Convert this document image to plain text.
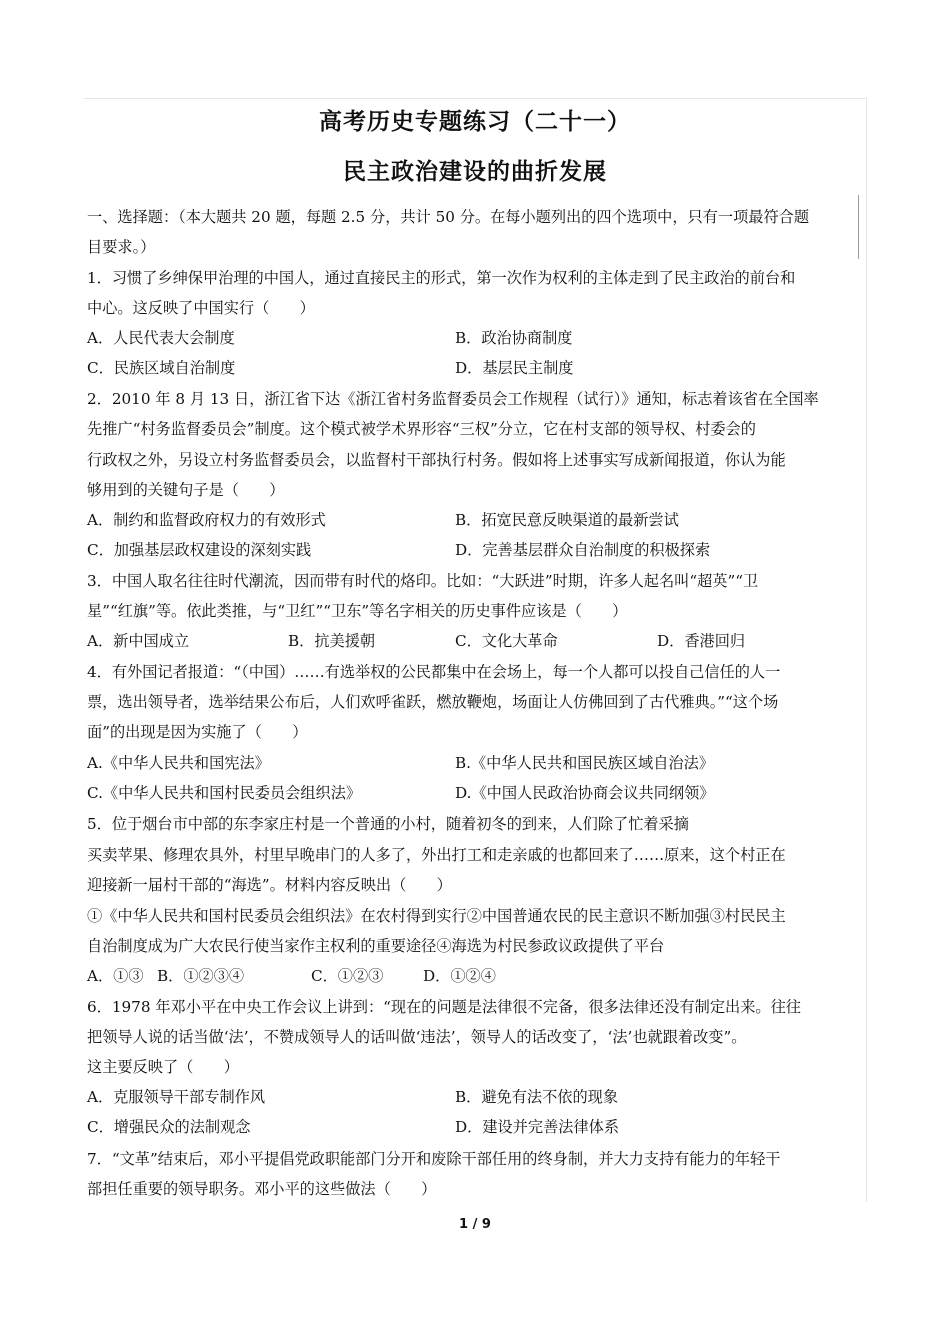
高考历史专题练习（二十一）
民主政治建设的曲折发展
一、选择题：（本大题共 20 题，每题 2.5 分，共计 50 分。在每小题列出的四个选项中，只有一项最符合题
目要求。）
1．习惯了乡绅保甲治理的中国人，通过直接民主的形式，第一次作为权利的主体走到了民主政治的前台和
中心。这反映了中国实行（　　）
A．人民代表大会制度	B．政治协商制度
C．民族区域自治制度	D．基层民主制度
2．2010 年 8 月 13 日，浙江省下达《浙江省村务监督委员会工作规程（试行）》通知，标志着该省在全国率
先推广“村务监督委员会”制度。这个模式被学术界形容“三权”分立，它在村支部的领导权、村委会的
行政权之外，另设立村务监督委员会，以监督村干部执行村务。假如将上述事实写成新闻报道，你认为能
够用到的关键句子是（　　）
A．制约和监督政府权力的有效形式	B．拓宽民意反映渠道的最新尝试
C．加强基层政权建设的深刻实践	D．完善基层群众自治制度的积极探索
3．中国人取名往往时代潮流，因而带有时代的烙印。比如：“大跃进”时期，许多人起名叫“超英”“卫
星”“红旗”等。依此类推，与“卫红”“卫东”等名字相关的历史事件应该是（　　）
A．新中国成立	B．抗美援朝	C．文化大革命	D．香港回归
4．有外国记者报道：“（中国）……有选举权的公民都集中在会场上，每一个人都可以投自己信任的人一
票，选出领导者，选举结果公布后，人们欢呼雀跃，燃放鞭炮，场面让人仿佛回到了古代雅典。”“这个场
面”的出现是因为实施了（　　）
A.《中华人民共和国宪法》	B.《中华人民共和国民族区域自治法》
C.《中华人民共和国村民委员会组织法》	D.《中国人民政治协商会议共同纲领》
5．位于烟台市中部的东李家庄村是一个普通的小村，随着初冬的到来，人们除了忙着采摘
买卖苹果、修理农具外，村里早晚串门的人多了，外出打工和走亲戚的也都回来了……原来，这个村正在
迎接新一届村干部的“海选”。材料内容反映出（　　）
①《中华人民共和国村民委员会组织法》在农村得到实行②中国普通农民的民主意识不断加强③村民民主
自治制度成为广大农民行使当家作主权利的重要途径④海选为村民参政议政提供了平台
A．①③ B．①②③④	C．①②③	D．①②④
6．1978 年邓小平在中央工作会议上讲到：“现在的问题是法律很不完备，很多法律还没有制定出来。往往
把领导人说的话当做‘法’，不赞成领导人的话叫做‘违法’，领导人的话改变了，‘法’也就跟着改变”。
这主要反映了（　　）
A．克服领导干部专制作风	B．避免有法不依的现象
C．增强民众的法制观念	D．建设并完善法律体系
7．“文革”结束后，邓小平提倡党政职能部门分开和废除干部任用的终身制，并大力支持有能力的年轻干
部担任重要的领导职务。邓小平的这些做法（　　）
1 / 9
